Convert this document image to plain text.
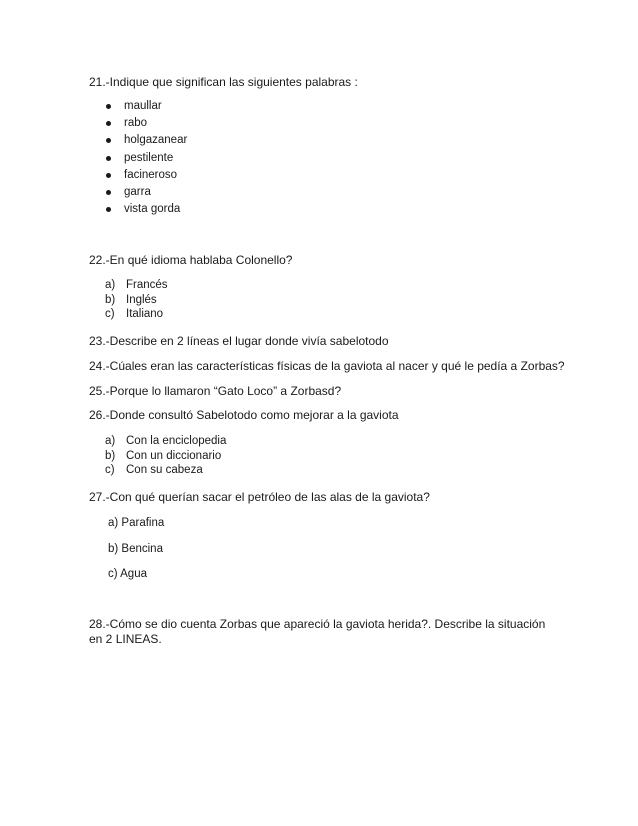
21.-Indique que significan las siguientes palabras :
maullar
rabo
holgazanear
pestilente
facineroso
garra
vista gorda
22.-En qué idioma hablaba Colonello?
a) Francés
b) Inglés
c) Italiano
23.-Describe en 2 líneas el lugar donde vivía sabelotodo
24.-Cúales eran las características físicas de la gaviota al nacer y qué le pedía a Zorbas?
25.-Porque lo llamaron “Gato Loco” a Zorbasd?
26.-Donde consultó Sabelotodo como mejorar a la gaviota
a) Con la enciclopedia
b) Con un diccionario
c) Con su cabeza
27.-Con qué querían sacar el petróleo de las alas de la gaviota?
a) Parafina
b) Bencina
c) Agua
28.-Cómo se dio cuenta Zorbas que apareció la gaviota herida?. Describe la situación en 2 LINEAS.
